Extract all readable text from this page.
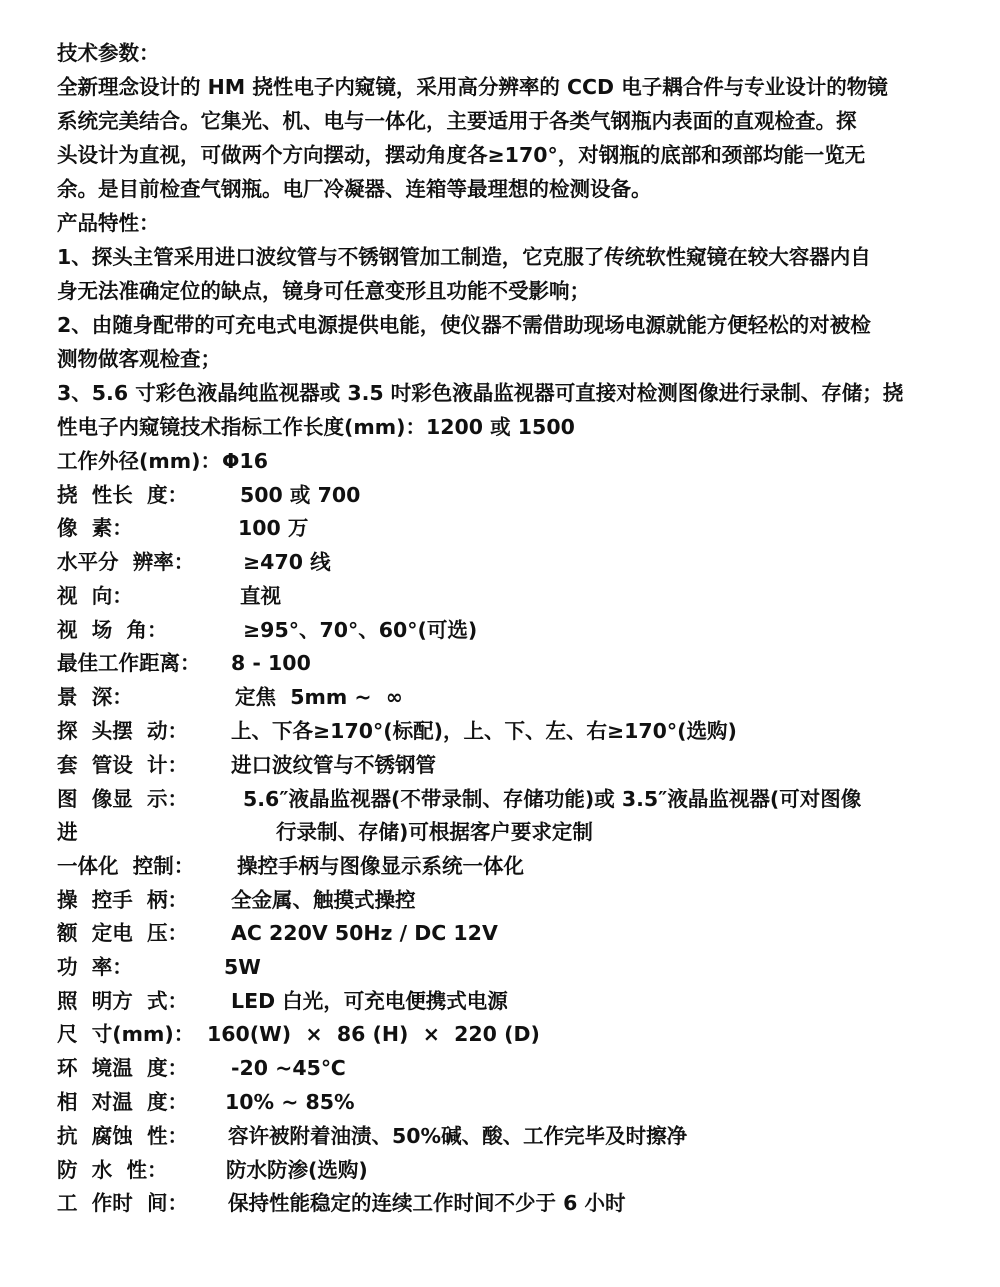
技术参数：
全新理念设计的 HM 挠性电子内窥镜，采用高分辨率的 CCD 电子耦合件与专业设计的物镜
系统完美结合。它集光、机、电与一体化，主要适用于各类气钢瓶内表面的直观检查。探
头设计为直视，可做两个方向摆动，摆动角度各≥170°，对钢瓶的底部和颈部均能一览无
余。是目前检查气钢瓶。电厂冷凝器、连箱等最理想的检测设备。
产品特性：
1、探头主管采用进口波纹管与不锈钢管加工制造，它克服了传统软性窥镜在较大容器内自
身无法准确定位的缺点，镜身可任意变形且功能不受影响；
2、由随身配带的可充电式电源提供电能，使仪器不需借助现场电源就能方便轻松的对被检
测物做客观检查；
3、5.6 寸彩色液晶纯监视器或 3.5 吋彩色液晶监视器可直接对检测图像进行录制、存储；挠
性电子内窥镜技术指标工作长度(mm)：1200 或 1500
工作外径(mm)： Φ16
挠  性长  度：	500 或 700
像  素：	100 万
水平分  辨率： ≥470 线
视  向：	直视
视  场  角：	≥95°、70°、60°(可选)
最佳工作距离： 8 - 100
景  深：	定焦  5mm ~  ∞
探  头摆  动： 上、下各≥170°(标配)，上、下、左、右≥170°(选购)
套  管设  计： 进口波纹管与不锈钢管
图  像显  示：	5.6″液晶监视器(不带录制、存储功能)或 3.5″液晶监视器(可对图像
进	行录制、存储)可根据客户要求定制
一体化  控制： 操控手柄与图像显示系统一体化
操  控手  柄： 全金属、触摸式操控
额  定电  压： AC 220V 50Hz / DC 12V
功  率：	5W
照  明方  式： LED 白光，可充电便携式电源
尺  寸(mm)： 160(W)  ×  86 (H)  ×  220 (D)
环  境温  度： -20 ~45℃
相  对温  度： 10% ~ 85%
抗  腐蚀  性： 容许被附着油渍、50%碱、酸、工作完毕及时擦净
防  水  性：	防水防渗(选购)
工  作时  间： 保持性能稳定的连续工作时间不少于 6 小时
